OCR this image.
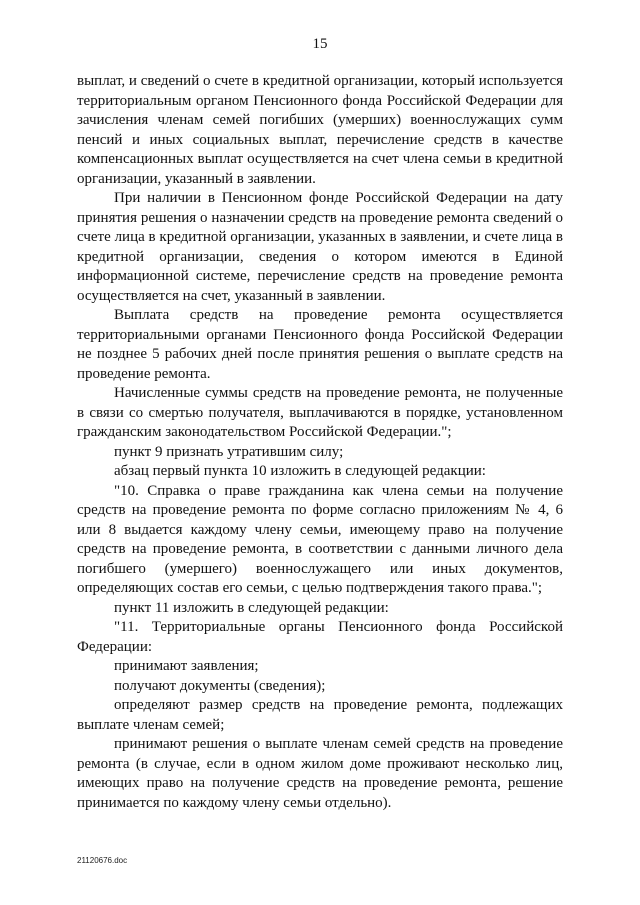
15

выплат, и сведений о счете в кредитной организации, который используется территориальным органом Пенсионного фонда Российской Федерации для зачисления членам семей погибших (умерших) военнослужащих сумм пенсий и иных социальных выплат, перечисление средств в качестве компенсационных выплат осуществляется на счет члена семьи в кредитной организации, указанный в заявлении.

При наличии в Пенсионном фонде Российской Федерации на дату принятия решения о назначении средств на проведение ремонта сведений о счете лица в кредитной организации, указанных в заявлении, и счете лица в кредитной организации, сведения о котором имеются в Единой информационной системе, перечисление средств на проведение ремонта осуществляется на счет, указанный в заявлении.

Выплата средств на проведение ремонта осуществляется территориальными органами Пенсионного фонда Российской Федерации не позднее 5 рабочих дней после принятия решения о выплате средств на проведение ремонта.

Начисленные суммы средств на проведение ремонта, не полученные в связи со смертью получателя, выплачиваются в порядке, установленном гражданским законодательством Российской Федерации.";

пункт 9 признать утратившим силу;

абзац первый пункта 10 изложить в следующей редакции:

"10. Справка о праве гражданина как члена семьи на получение средств на проведение ремонта по форме согласно приложениям № 4, 6 или 8 выдается каждому члену семьи, имеющему право на получение средств на проведение ремонта, в соответствии с данными личного дела погибшего (умершего) военнослужащего или иных документов, определяющих состав его семьи, с целью подтверждения такого права.";

пункт 11 изложить в следующей редакции:

"11. Территориальные органы Пенсионного фонда Российской Федерации:

принимают заявления;

получают документы (сведения);

определяют размер средств на проведение ремонта, подлежащих выплате членам семей;

принимают решения о выплате членам семей средств на проведение ремонта (в случае, если в одном жилом доме проживают несколько лиц, имеющих право на получение средств на проведение ремонта, решение принимается по каждому члену семьи отдельно).

21120676.doc
